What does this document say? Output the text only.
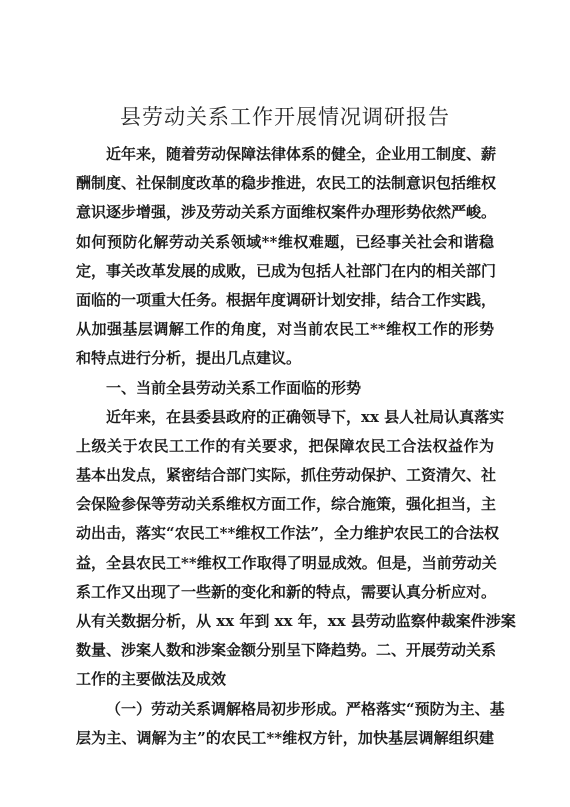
县劳动关系工作开展情况调研报告
近年来，随着劳动保障法律体系的健全，企业用工制度、薪
酬制度、社保制度改革的稳步推进，农民工的法制意识包括维权
意识逐步增强，涉及劳动关系方面维权案件办理形势依然严峻。
如何预防化解劳动关系领域**维权难题，已经事关社会和谐稳
定，事关改革发展的成败，已成为包括人社部门在内的相关部门
面临的一项重大任务。根据年度调研计划安排，结合工作实践，
从加强基层调解工作的角度，对当前农民工**维权工作的形势
和特点进行分析，提出几点建议。
一、当前全县劳动关系工作面临的形势
近年来，在县委县政府的正确领导下，xx 县人社局认真落实
上级关于农民工工作的有关要求，把保障农民工合法权益作为
基本出发点，紧密结合部门实际，抓住劳动保护、工资清欠、社
会保险参保等劳动关系维权方面工作，综合施策，强化担当，主
动出击，落实“农民工**维权工作法”，全力维护农民工的合法权
益，全县农民工**维权工作取得了明显成效。但是，当前劳动关
系工作又出现了一些新的变化和新的特点，需要认真分析应对。
从有关数据分析，从 xx 年到 xx 年，xx 县劳动监察仲裁案件涉案
数量、涉案人数和涉案金额分别呈下降趋势。二、开展劳动关系
工作的主要做法及成效
（一）劳动关系调解格局初步形成。严格落实“预防为主、基
层为主、调解为主”的农民工**维权方针，加快基层调解组织建
